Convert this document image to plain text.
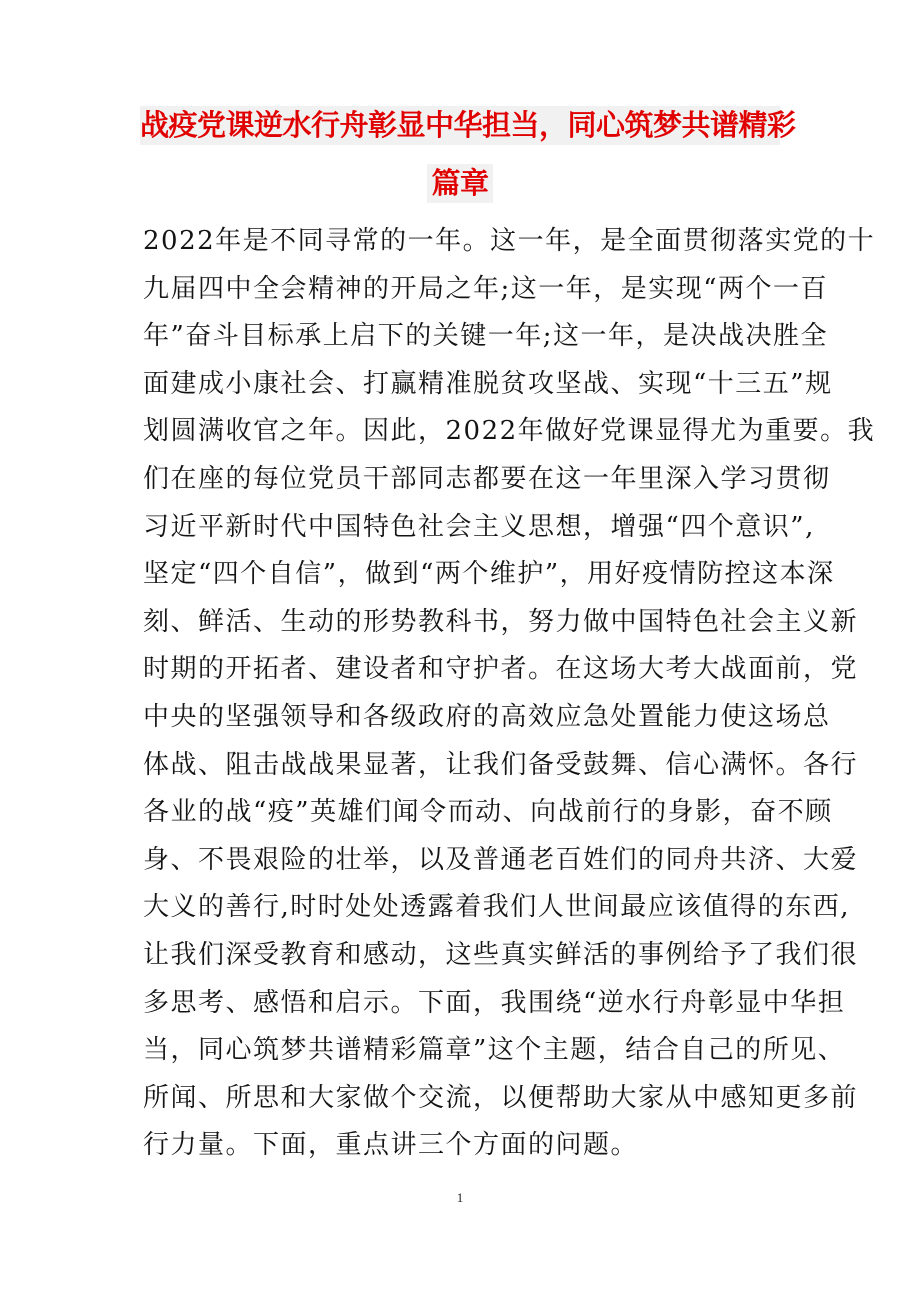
战疫党课逆水行舟彰显中华担当，同心筑梦共谱精彩
篇章
2022年是不同寻常的一年。这一年，是全面贯彻落实党的十
九届四中全会精神的开局之年;这一年，是实现“两个一百
年”奋斗目标承上启下的关键一年;这一年，是决战决胜全
面建成小康社会、打赢精准脱贫攻坚战、实现“十三五”规
划圆满收官之年。因此，2022年做好党课显得尤为重要。我
们在座的每位党员干部同志都要在这一年里深入学习贯彻
习近平新时代中国特色社会主义思想，增强“四个意识”,
坚定“四个自信”，做到“两个维护”，用好疫情防控这本深
刻、鲜活、生动的形势教科书，努力做中国特色社会主义新
时期的开拓者、建设者和守护者。在这场大考大战面前，党
中央的坚强领导和各级政府的高效应急处置能力使这场总
体战、阻击战战果显著，让我们备受鼓舞、信心满怀。各行
各业的战“疫”英雄们闻令而动、向战前行的身影，奋不顾
身、不畏艰险的壮举，以及普通老百姓们的同舟共济、大爱
大义的善行,时时处处透露着我们人世间最应该值得的东西,
让我们深受教育和感动，这些真实鲜活的事例给予了我们很
多思考、感悟和启示。下面，我围绕“逆水行舟彰显中华担
当，同心筑梦共谱精彩篇章”这个主题，结合自己的所见、
所闻、所思和大家做个交流，以便帮助大家从中感知更多前
行力量。下面，重点讲三个方面的问题。
1
